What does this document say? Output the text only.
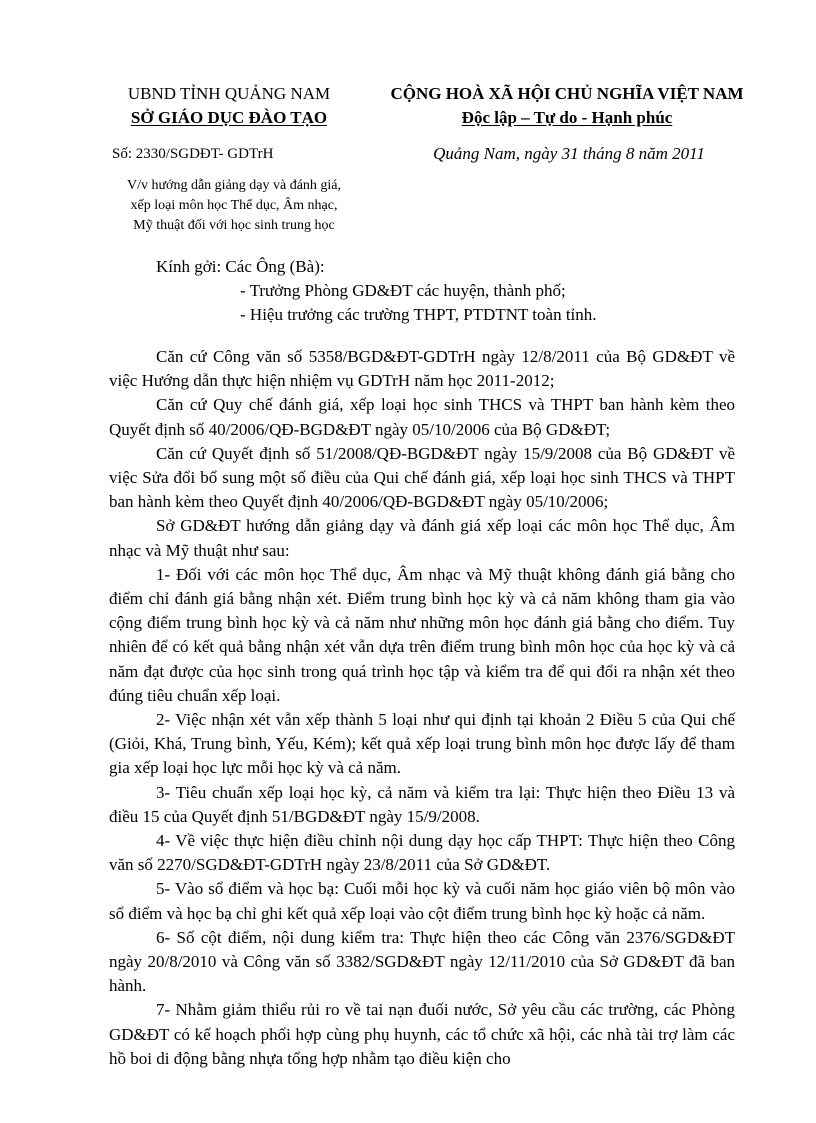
UBND TỈNH QUẢNG NAM
SỞ GIÁO DỤC ĐÀO TẠO
CỘNG HOÀ XÃ HỘI CHỦ NGHĨA VIỆT NAM
Độc lập – Tự do - Hạnh phúc
Số: 2330/SGDĐT- GDTrH	Quảng Nam, ngày 31 tháng 8 năm 2011
V/v hướng dẫn giảng dạy và đánh giá,
xếp loại môn học Thể dục, Âm nhạc,
Mỹ thuật đối với học sinh trung học
Kính gởi: Các Ông (Bà):
- Trưởng Phòng GD&ĐT các huyện, thành phố;
- Hiệu trưởng các trường THPT, PTDTNT toàn tỉnh.

Căn cứ Công văn số 5358/BGD&ĐT-GDTrH ngày 12/8/2011 của Bộ GD&ĐT về việc Hướng dẫn thực hiện nhiệm vụ GDTrH năm học 2011-2012;

Căn cứ Quy chế đánh giá, xếp loại học sinh THCS và THPT ban hành kèm theo Quyết định số 40/2006/QĐ-BGD&ĐT ngày 05/10/2006 của Bộ GD&ĐT;

Căn cứ Quyết định số 51/2008/QĐ-BGD&ĐT ngày 15/9/2008 của Bộ GD&ĐT về việc Sửa đổi bổ sung một số điều của Qui chế đánh giá, xếp loại học sinh THCS và THPT ban hành kèm theo Quyết định 40/2006/QĐ-BGD&ĐT ngày 05/10/2006;

Sở GD&ĐT hướng dẫn giảng dạy và đánh giá xếp loại các môn học Thể dục, Âm nhạc và Mỹ thuật như sau:

1- Đối với các môn học Thể dục, Âm nhạc và Mỹ thuật không đánh giá bằng cho điểm chỉ đánh giá bằng nhận xét. Điểm trung bình học kỳ và cả năm không tham gia vào cộng điểm trung bình học kỳ và cả năm như những môn học đánh giá bằng cho điểm. Tuy nhiên để có kết quả bằng nhận xét vẫn dựa trên điểm trung bình môn học của học kỳ và cả năm đạt được của học sinh trong quá trình học tập và kiểm tra để qui đổi ra nhận xét theo đúng tiêu chuẩn xếp loại.

2- Việc nhận xét vẫn xếp thành 5 loại như qui định tại khoản 2 Điều 5 của Qui chế (Giỏi, Khá, Trung bình, Yếu, Kém); kết quả xếp loại trung bình môn học được lấy để tham gia xếp loại học lực mỗi học kỳ và cả năm.

3- Tiêu chuẩn xếp loại học kỳ, cả năm và kiểm tra lại: Thực hiện theo Điều 13 và điều 15 của Quyết định 51/BGD&ĐT ngày 15/9/2008.

4- Về việc thực hiện điều chỉnh nội dung dạy học cấp THPT: Thực hiện theo Công văn số 2270/SGD&ĐT-GDTrH ngày 23/8/2011 của Sở GD&ĐT.

5- Vào sổ điểm và học bạ: Cuối mỗi học kỳ và cuối năm học giáo viên bộ môn vào sổ điểm và học bạ chỉ ghi kết quả xếp loại vào cột điểm trung bình học kỳ hoặc cả năm.

6- Số cột điểm, nội dung kiểm tra: Thực hiện theo các Công văn 2376/SGD&ĐT ngày 20/8/2010 và Công văn số 3382/SGD&ĐT ngày 12/11/2010 của Sở GD&ĐT đã ban hành.

7- Nhằm giảm thiểu rủi ro về tai nạn đuối nước, Sở yêu cầu các trường, các Phòng GD&ĐT có kế hoạch phối hợp cùng phụ huynh, các tổ chức xã hội, các nhà tài trợ làm các hồ boi di động bằng nhựa tổng hợp nhằm tạo điều kiện cho
